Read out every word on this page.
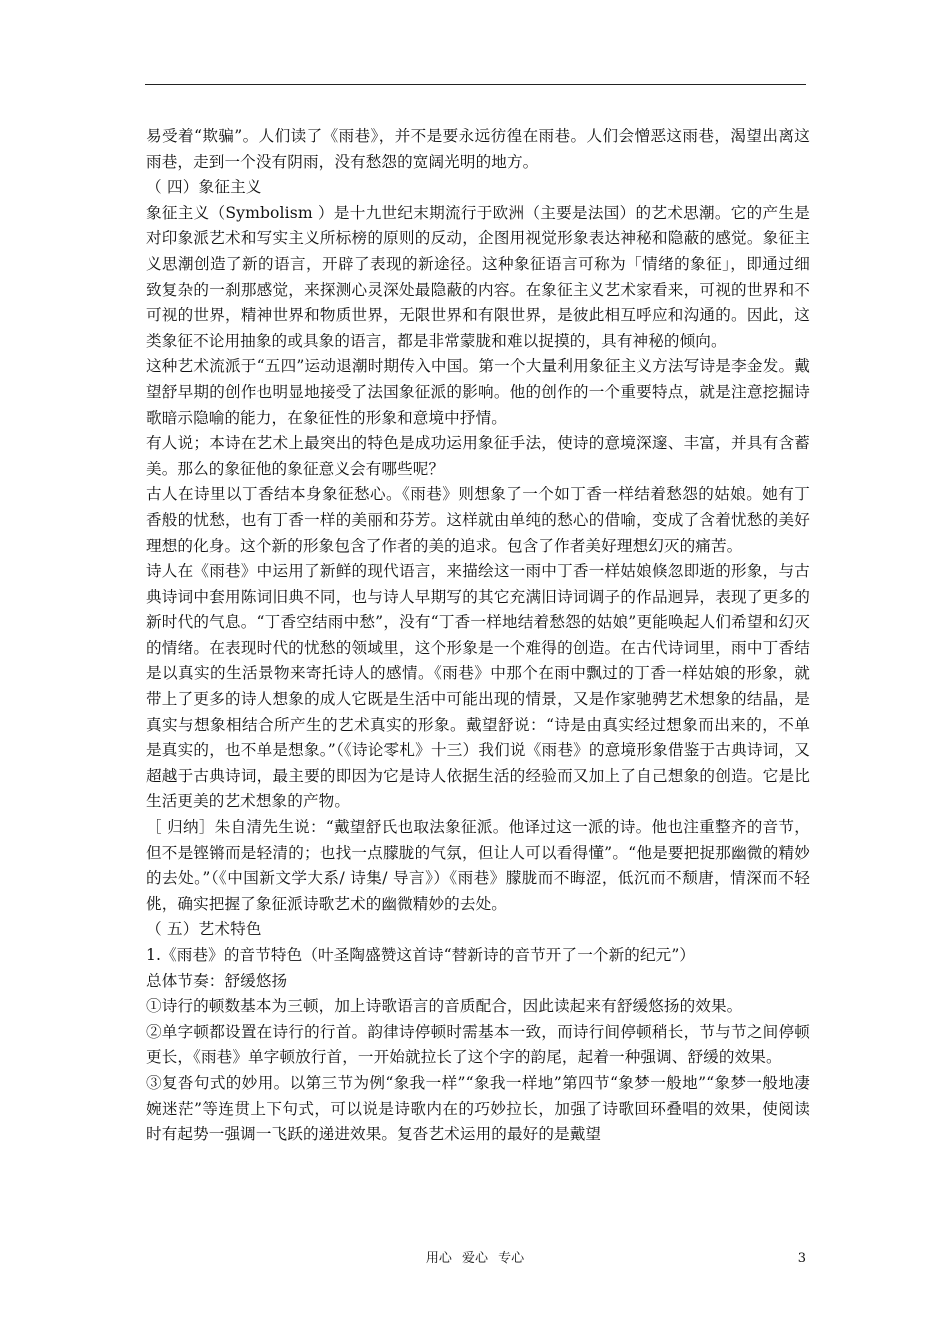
易受着“欺骗”。人们读了《雨巷》，并不是要永远彷徨在雨巷。人们会憎恶这雨巷，渴望出离这雨巷，走到一个没有阴雨，没有愁怨的宽阔光明的地方。

（ 四）象征主义

象征主义（Symbolism ）是十九世纪末期流行于欧洲（主要是法国）的艺术思潮。它的产生是对印象派艺术和写实主义所标榜的原则的反动，企图用视觉形象表达神秘和隐蔽的感觉。象征主义思潮创造了新的语言，开辟了表现的新途径。这种象征语言可称为「情绪的象征」，即通过细致复杂的一刹那感觉，来探测心灵深处最隐蔽的内容。在象征主义艺术家看来，可视的世界和不可视的世界，精神世界和物质世界，无限世界和有限世界，是彼此相互呼应和沟通的。因此，这类象征不论用抽象的或具象的语言，都是非常蒙胧和难以捉摸的，具有神秘的倾向。

这种艺术流派于“五四”运动退潮时期传入中国。第一个大量利用象征主义方法写诗是李金发。戴望舒早期的创作也明显地接受了法国象征派的影响。他的创作的一个重要特点，就是注意挖掘诗歌暗示隐喻的能力，在象征性的形象和意境中抒情。

有人说；本诗在艺术上最突出的特色是成功运用象征手法，使诗的意境深邃、丰富，并具有含蓄美。那么的象征他的象征意义会有哪些呢？

古人在诗里以丁香结本身象征愁心。《雨巷》则想象了一个如丁香一样结着愁怨的姑娘。她有丁香般的忧愁，也有丁香一样的美丽和芬芳。这样就由单纯的愁心的借喻，变成了含着忧愁的美好理想的化身。这个新的形象包含了作者的美的追求。包含了作者美好理想幻灭的痛苦。

诗人在《雨巷》中运用了新鲜的现代语言，来描绘这一雨中丁香一样姑娘倏忽即逝的形象，与古典诗词中套用陈词旧典不同，也与诗人早期写的其它充满旧诗词调子的作品迥异，表现了更多的新时代的气息。“丁香空结雨中愁”，没有“丁香一样地结着愁怨的姑娘”更能唤起人们希望和幻灭的情绪。在表现时代的忧愁的领域里，这个形象是一个难得的创造。在古代诗词里，雨中丁香结是以真实的生活景物来寄托诗人的感情。《雨巷》中那个在雨中飘过的丁香一样姑娘的形象，就带上了更多的诗人想象的成人它既是生活中可能出现的情景，又是作家驰骋艺术想象的结晶，是真实与想象相结合所产生的艺术真实的形象。戴望舒说：“诗是由真实经过想象而出来的，不单是真实的，也不单是想象。”（《诗论零札》十三）我们说《雨巷》的意境形象借鉴于古典诗词，又超越于古典诗词，最主要的即因为它是诗人依据生活的经验而又加上了自己想象的创造。它是比生活更美的艺术想象的产物。

［ 归纳］朱自清先生说：“戴望舒氏也取法象征派。他译过这一派的诗。他也注重整齐的音节，但不是铿锵而是轻清的；也找一点朦胧的气氛，但让人可以看得懂”。“他是要把捉那幽微的精妙的去处。”（《中国新文学大系/ 诗集/ 导言》）《雨巷》朦胧而不晦涩，低沉而不颓唐，情深而不轻佻，确实把握了象征派诗歌艺术的幽微精妙的去处。

（ 五）艺术特色

1.《雨巷》的音节特色（叶圣陶盛赞这首诗“替新诗的音节开了一个新的纪元”）

总体节奏：舒缓悠扬

①诗行的顿数基本为三顿，加上诗歌语言的音质配合，因此读起来有舒缓悠扬的效果。

②单字顿都设置在诗行的行首。韵律诗停顿时需基本一致，而诗行间停顿稍长，节与节之间停顿更长，《雨巷》单字顿放行首，一开始就拉长了这个字的韵尾，起着一种强调、舒缓的效果。

③复沓句式的妙用。以第三节为例“象我一样”“象我一样地”第四节“象梦一般地”“象梦一般地凄婉迷茫”等连贯上下句式，可以说是诗歌内在的巧妙拉长，加强了诗歌回环叠唱的效果，使阅读时有起势一强调一飞跃的递进效果。复沓艺术运用的最好的是戴望

用心 爱心 专心	3
